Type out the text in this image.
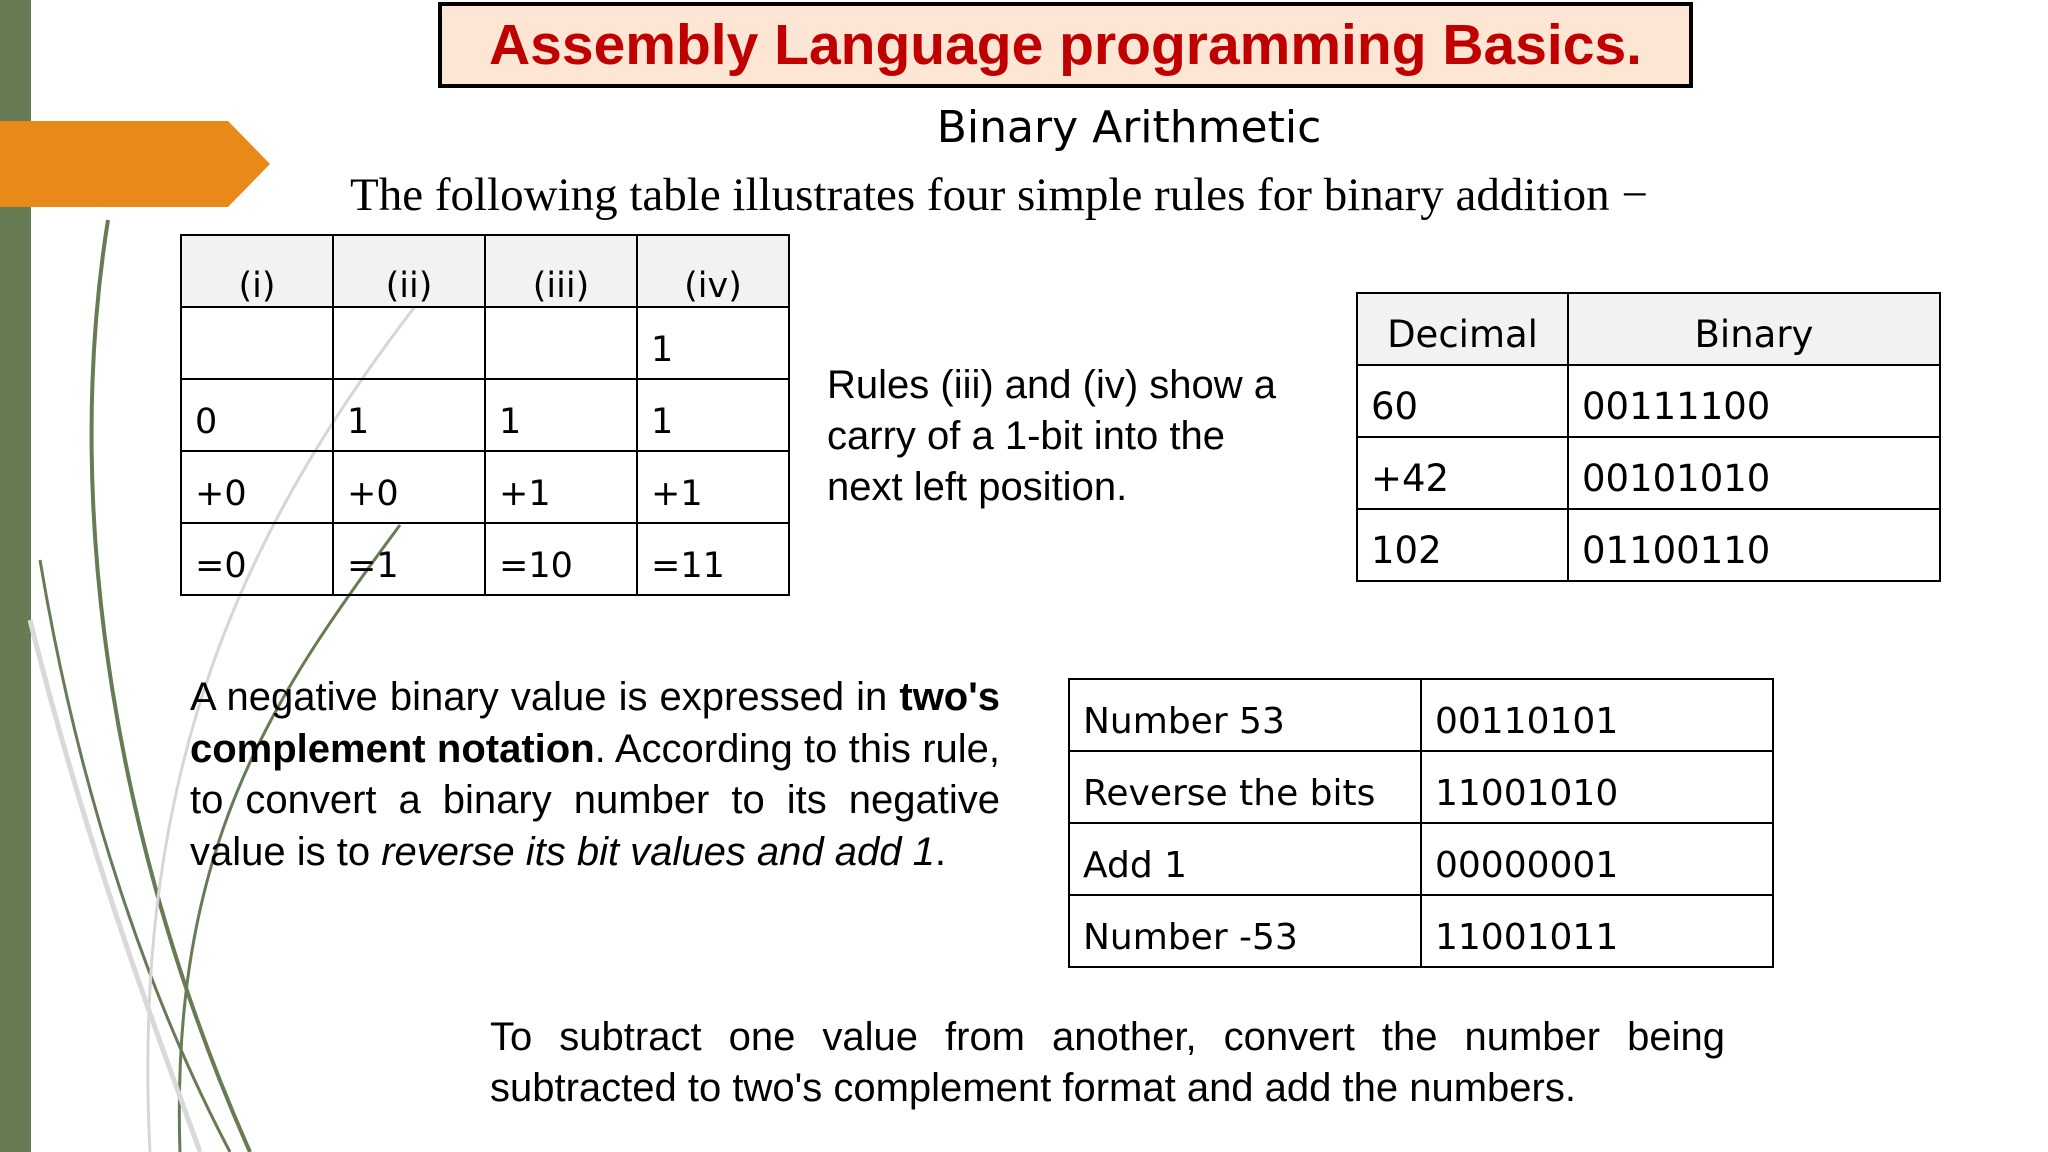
Assembly Language programming Basics.
Binary Arithmetic
The following table illustrates four simple rules for binary addition −
(i)	(ii)	(iii)	(iv)
			1
0	1	1	1
+0	+0	+1	+1
=0	=1	=10	=11
Rules (iii) and (iv) show a carry of a 1-bit into the next left position.
Decimal	Binary
60	00111100
+42	00101010
102	01100110
A negative binary value is expressed in two's complement notation. According to this rule, to convert a binary number to its negative value is to reverse its bit values and add 1.
Number 53	00110101
Reverse the bits	11001010
Add 1	00000001
Number -53	11001011
To subtract one value from another, convert the number being subtracted to two's complement format and add the numbers.
